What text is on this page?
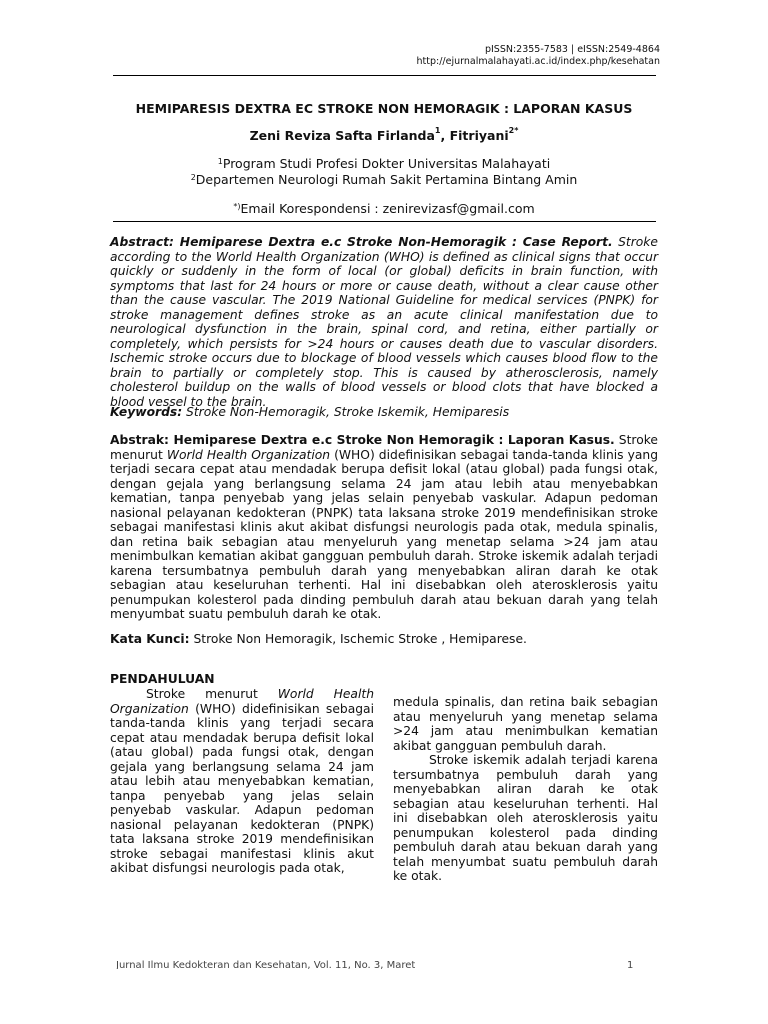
pISSN:2355-7583 | eISSN:2549-4864
http://ejurnalmalahayati.ac.id/index.php/kesehatan
HEMIPARESIS DEXTRA EC STROKE NON HEMORAGIK : LAPORAN KASUS
Zeni Reviza Safta Firlanda$^1$, Fitriyani$^{2*}$
$^1$Program Studi Profesi Dokter Universitas Malahayati
$^2$Departemen Neurologi Rumah Sakit Pertamina Bintang Amin
*)Email Korespondensi : zenirevizasf@gmail.com
Abstract: Hemiparese Dextra e.c Stroke Non-Hemoragik : Case Report. Stroke according to the World Health Organization (WHO) is defined as clinical signs that occur quickly or suddenly in the form of local (or global) deficits in brain function, with symptoms that last for 24 hours or more or cause death, without a clear cause other than the cause vascular. The 2019 National Guideline for medical services (PNPK) for stroke management defines stroke as an acute clinical manifestation due to neurological dysfunction in the brain, spinal cord, and retina, either partially or completely, which persists for >24 hours or causes death due to vascular disorders. Ischemic stroke occurs due to blockage of blood vessels which causes blood flow to the brain to partially or completely stop. This is caused by atherosclerosis, namely cholesterol buildup on the walls of blood vessels or blood clots that have blocked a blood vessel to the brain.
Keywords: Stroke Non-Hemoragik, Stroke Iskemik, Hemiparesis
Abstrak: Hemiparese Dextra e.c Stroke Non Hemoragik : Laporan Kasus. Stroke menurut World Health Organization (WHO) didefinisikan sebagai tanda-tanda klinis yang terjadi secara cepat atau mendadak berupa defisit lokal (atau global) pada fungsi otak, dengan gejala yang berlangsung selama 24 jam atau lebih atau menyebabkan kematian, tanpa penyebab yang jelas selain penyebab vaskular. Adapun pedoman nasional pelayanan kedokteran (PNPK) tata laksana stroke 2019 mendefinisikan stroke sebagai manifestasi klinis akut akibat disfungsi neurologis pada otak, medula spinalis, dan retina baik sebagian atau menyeluruh yang menetap selama >24 jam atau menimbulkan kematian akibat gangguan pembuluh darah. Stroke iskemik adalah terjadi karena tersumbatnya pembuluh darah yang menyebabkan aliran darah ke otak sebagian atau keseluruhan terhenti. Hal ini disebabkan oleh aterosklerosis yaitu penumpukan kolesterol pada dinding pembuluh darah atau bekuan darah yang telah menyumbat suatu pembuluh darah ke otak.
Kata Kunci: Stroke Non Hemoragik, Ischemic Stroke , Hemiparese.
PENDAHULUAN

Stroke menurut World Health Organization (WHO) didefinisikan sebagai tanda-tanda klinis yang terjadi secara cepat atau mendadak berupa defisit lokal (atau global) pada fungsi otak, dengan gejala yang berlangsung selama 24 jam atau lebih atau menyebabkan kematian, tanpa penyebab yang jelas selain penyebab vaskular. Adapun pedoman nasional pelayanan kedokteran (PNPK) tata laksana stroke 2019 mendefinisikan stroke sebagai manifestasi klinis akut akibat disfungsi neurologis pada otak,

medula spinalis, dan retina baik sebagian atau menyeluruh yang menetap selama >24 jam atau menimbulkan kematian akibat gangguan pembuluh darah.

Stroke iskemik adalah terjadi karena tersumbatnya pembuluh darah yang menyebabkan aliran darah ke otak sebagian atau keseluruhan terhenti. Hal ini disebabkan oleh aterosklerosis yaitu penumpukan kolesterol pada dinding pembuluh darah atau bekuan darah yang telah menyumbat suatu pembuluh darah ke otak.

Jurnal Ilmu Kedokteran dan Kesehatan, Vol. 11, No. 3, Maret	1
